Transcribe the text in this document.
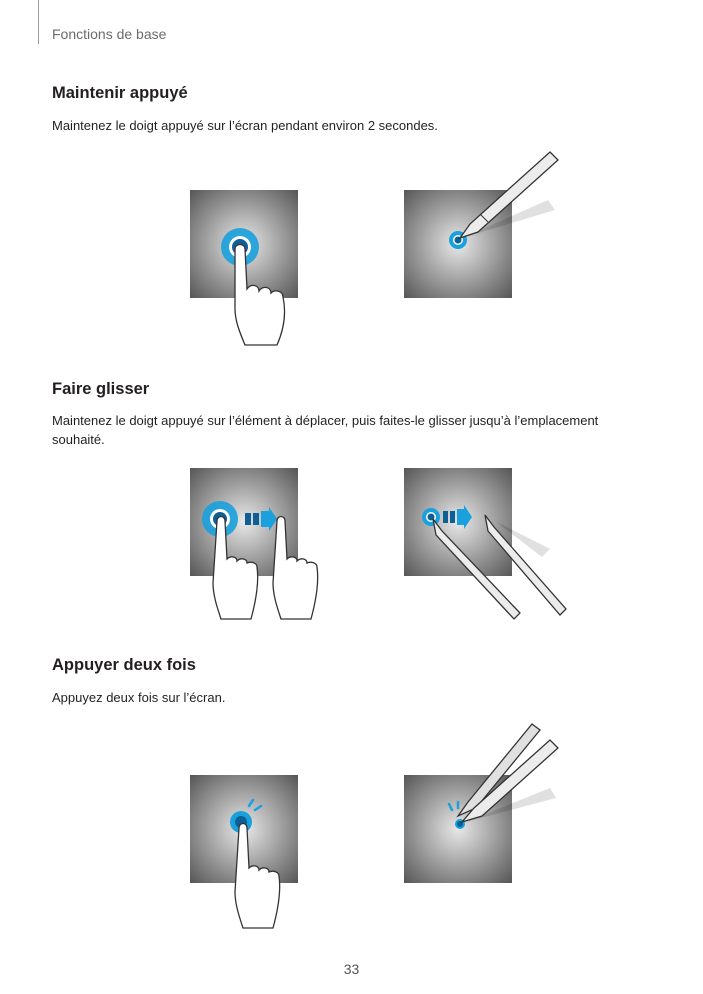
Fonctions de base
Maintenir appuyé

Maintenez le doigt appuyé sur l’écran pendant environ 2 secondes.

Faire glisser

Maintenez le doigt appuyé sur l’élément à déplacer, puis faites-le glisser jusqu’à l’emplacement souhaité.

Appuyer deux fois

Appuyez deux fois sur l’écran.

33
